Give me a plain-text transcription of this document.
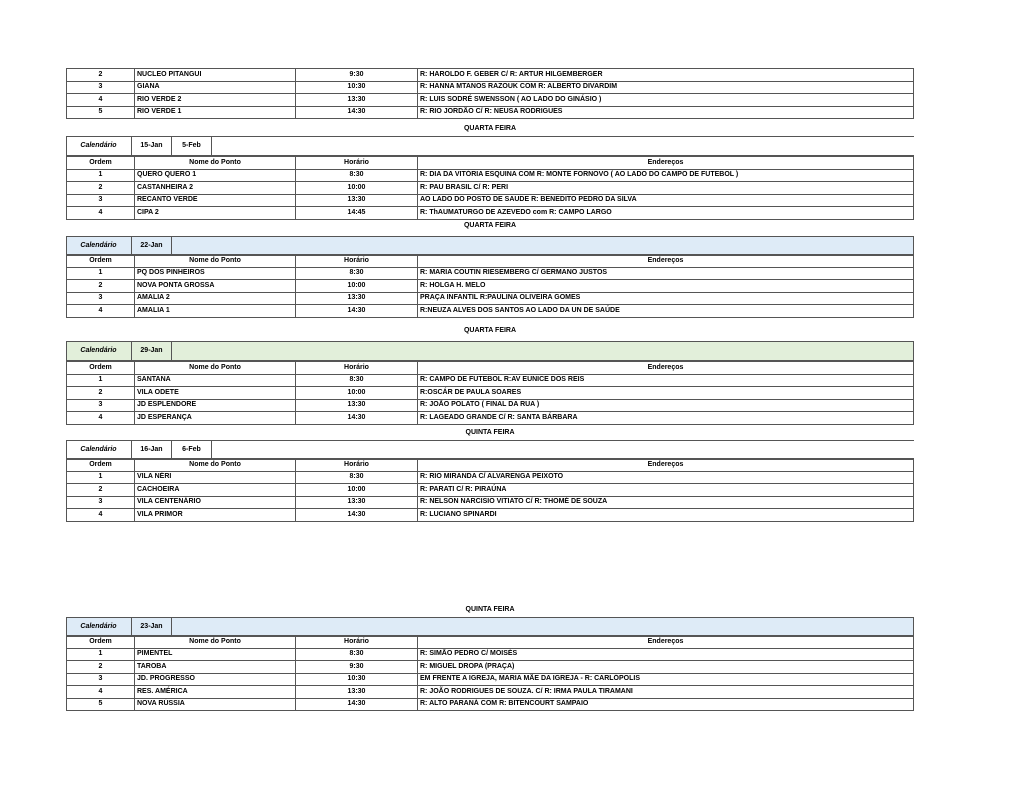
2	NUCLEO PITANGUI	9:30	R: HAROLDO F. GEBER C/ R: ARTUR HILGEMBERGER
3	GIANA	10:30	R: HANNA MTANOS RAZOUK COM R: ALBERTO DIVARDIM
4	RIO VERDE 2	13:30	R: LUIS SODRÉ SWENSSON ( AO LADO DO GINÁSIO )
5	RIO VERDE 1	14:30	R: RIO JORDÃO C/ R: NEUSA RODRIGUES
QUARTA FEIRA
Calendário	15-Jan	5-Feb
Ordem	Nome do Ponto	Horário	Endereços
1	QUERO QUERO 1	8:30	R: DIA DA VITÓRIA ESQUINA COM R: MONTE FORNOVO ( AO LADO DO CAMPO DE FUTEBOL )
2	CASTANHEIRA 2	10:00	R: PAU BRASIL C/ R: PERI
3	RECANTO VERDE	13:30	AO LADO DO POSTO DE SAUDE R: BENEDITO PEDRO DA SILVA
4	CIPA 2	14:45	R: ThAUMATURGO DE AZEVEDO com R: CAMPO LARGO
QUARTA FEIRA
Calendário	22-Jan
Ordem	Nome do Ponto	Horário	Endereços
1	PQ DOS PINHEIROS	8:30	R: MARIA COUTIN RIESEMBERG C/ GERMANO JUSTOS
2	NOVA PONTA GROSSA	10:00	R: HOLGA H. MELO
3	AMALIA 2	13:30	PRAÇA INFANTIL R:PAULINA OLIVEIRA GOMES
4	AMALIA 1	14:30	R:NEUZA ALVES DOS SANTOS AO LADO DA UN DE SAÚDE
QUARTA FEIRA
Calendário	29-Jan
Ordem	Nome do Ponto	Horário	Endereços
1	SANTANA	8:30	R: CAMPO DE FUTEBOL R:AV EUNICE DOS REIS
2	VILA ODETE	10:00	R:OSCÁR DE PAULA SOARES
3	JD ESPLENDORE	13:30	R: JOÃO POLATO ( FINAL DA RUA )
4	JD ESPERANÇA	14:30	R: LAGEADO GRANDE C/ R: SANTA BÁRBARA
QUINTA FEIRA
Calendário	16-Jan	6-Feb
Ordem	Nome do Ponto	Horário	Endereços
1	VILA NÉRI	8:30	R: RIO MIRANDA C/ ALVARENGA PEIXOTO
2	CACHOEIRA	10:00	R: PARATI C/ R: PIRAÚNA
3	VILA CENTENÁRIO	13:30	R: NELSON NARCISIO VITIATO C/ R: THOMÉ DE SOUZA
4	VILA PRIMOR	14:30	R: LUCIANO SPINARDI
QUINTA FEIRA
Calendário	23-Jan
Ordem	Nome do Ponto	Horário	Endereços
1	PIMENTEL	8:30	R: SIMÃO PEDRO C/ MOISÉS
2	TAROBA	9:30	R: MIGUEL DROPA (PRAÇA)
3	JD. PROGRESSO	10:30	EM FRENTE A IGREJA, MARIA MÃE DA IGREJA - R: CARLÓPOLIS
4	RES. AMÉRICA	13:30	R: JOÃO RODRIGUES DE SOUZA. C/ R: IRMA PAULA TIRAMANI
5	NOVA RÚSSIA	14:30	R: ALTO PARANÁ COM R: BITENCOURT SAMPAIO
